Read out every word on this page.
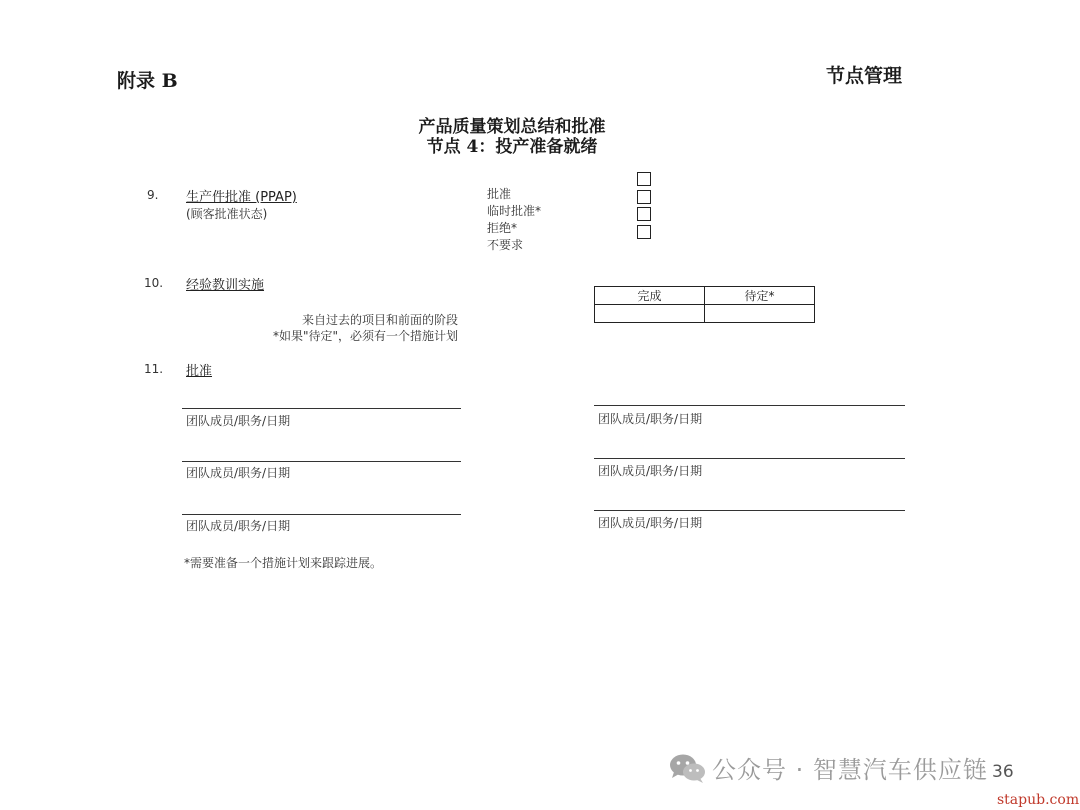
附录 B	节点管理
产品质量策划总结和批准
节点 4：投产准备就绪
9. 生产件批准 (PPAP)
(顾客批准状态)
批准
临时批准*
拒绝*
不要求
10. 经验教训实施
来自过去的项目和前面的阶段
*如果"待定"，必须有一个措施计划
完成	待定*

11. 批准
团队成员/职务/日期
团队成员/职务/日期
团队成员/职务/日期
团队成员/职务/日期
团队成员/职务/日期
团队成员/职务/日期
*需要准备一个措施计划来跟踪进展。
36
公众号 · 智慧汽车供应链
stapub.com
